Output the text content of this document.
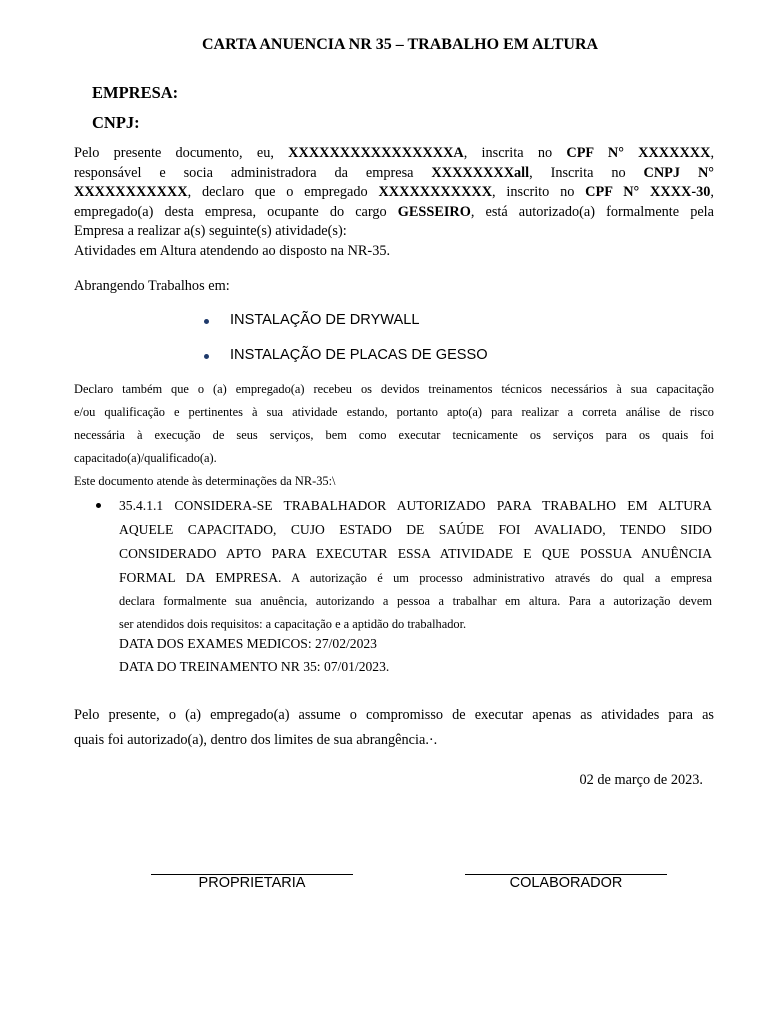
CARTA ANUENCIA NR 35 – TRABALHO EM ALTURA
EMPRESA:
CNPJ:
Pelo presente documento, eu, XXXXXXXXXXXXXXXXA, inscrita no CPF N° XXXXXXX,
responsável e socia administradora da empresa XXXXXXXXall, Inscrita no CNPJ N°
XXXXXXXXXXX, declaro que o empregado XXXXXXXXXXX, inscrito no CPF N° XXXX-30,
empregado(a) desta empresa, ocupante do cargo GESSEIRO, está autorizado(a) formalmente pela
Empresa a realizar a(s) seguinte(s) atividade(s):
Atividades em Altura atendendo ao disposto na NR-35.
Abrangendo Trabalhos em:
INSTALAÇÃO DE DRYWALL
INSTALAÇÃO DE PLACAS DE GESSO
Declaro também que o (a) empregado(a) recebeu os devidos treinamentos técnicos necessários à sua capacitação
e/ou qualificação e pertinentes à sua atividade estando, portanto apto(a) para realizar a correta análise de risco
necessária à execução de seus serviços, bem como executar tecnicamente os serviços para os quais foi
capacitado(a)/qualificado(a).
Este documento atende às determinações da NR-35:\
35.4.1.1 CONSIDERA-SE TRABALHADOR AUTORIZADO PARA TRABALHO EM ALTURA
AQUELE CAPACITADO, CUJO ESTADO DE SAÚDE FOI AVALIADO, TENDO SIDO
CONSIDERADO APTO PARA EXECUTAR ESSA ATIVIDADE E QUE POSSUA ANUÊNCIA
FORMAL DA EMPRESA. A autorização é um processo administrativo através do qual a empresa
declara formalmente sua anuência, autorizando a pessoa a trabalhar em altura. Para a autorização devem
ser atendidos dois requisitos: a capacitação e a aptidão do trabalhador.
DATA DOS EXAMES MEDICOS: 27/02/2023
DATA DO TREINAMENTO NR 35: 07/01/2023.
Pelo presente, o (a) empregado(a) assume o compromisso de executar apenas as atividades para as
quais foi autorizado(a), dentro dos limites de sua abrangência.·.
02 de março de 2023.
PROPRIETARIA	COLABORADOR
